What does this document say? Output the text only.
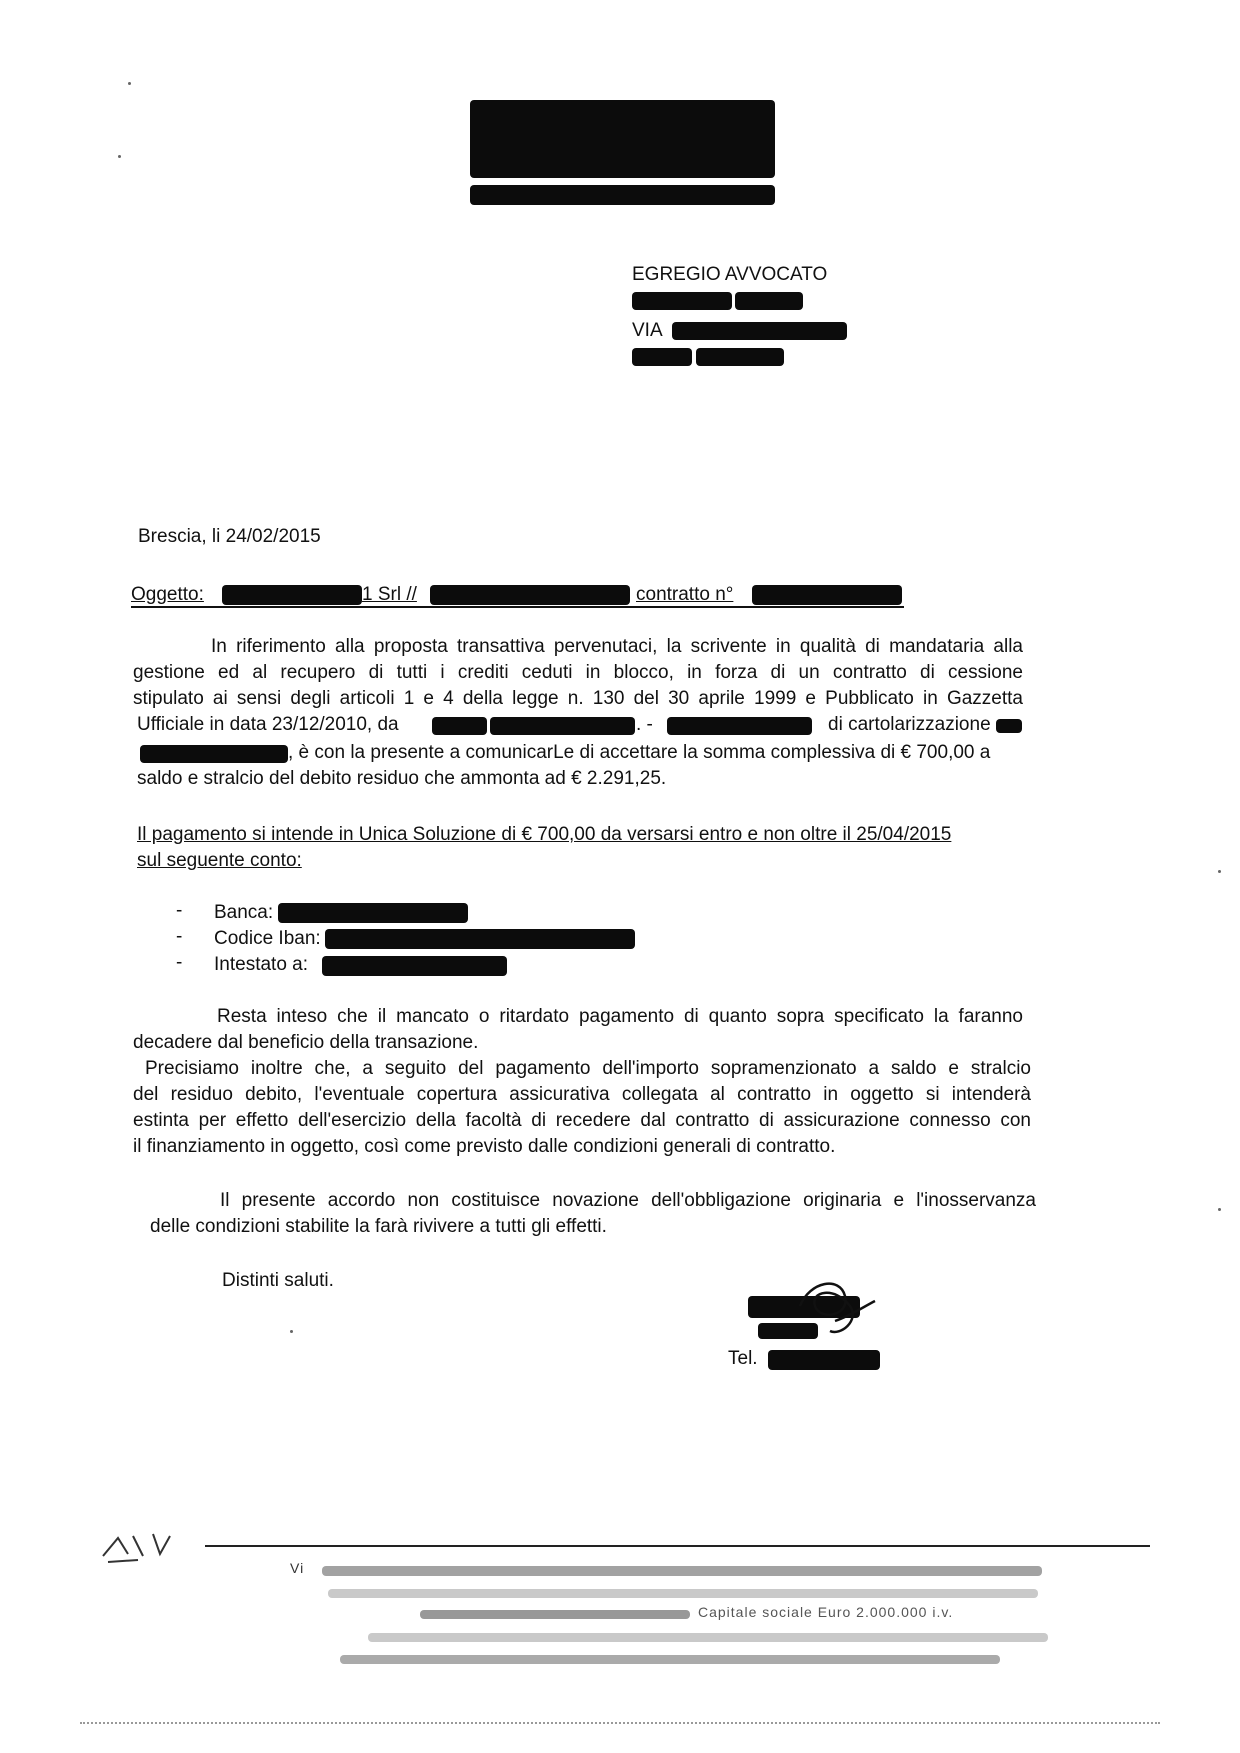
EGREGIO AVVOCATO
VIA
Brescia, li 24/02/2015
Oggetto:	1 Srl //	contratto n°
In riferimento alla proposta transattiva pervenutaci, la scrivente in qualità di mandataria alla
gestione ed al recupero di tutti i crediti ceduti in blocco, in forza di un contratto di cessione
stipulato ai sensi degli articoli 1 e 4 della legge n. 130 del 30 aprile 1999 e Pubblicato in Gazzetta
Ufficiale in data 23/12/2010, da	. -	di cartolarizzazione
, è con la presente a comunicarLe di accettare la somma complessiva di € 700,00 a
saldo e stralcio del debito residuo che ammonta ad € 2.291,25.
Il pagamento si intende in Unica Soluzione di € 700,00 da versarsi entro e non oltre il 25/04/2015
sul seguente conto:
- Banca:
- Codice Iban:
- Intestato a:
Resta inteso che il mancato o ritardato pagamento di quanto sopra specificato la faranno
decadere dal beneficio della transazione.
Precisiamo inoltre che, a seguito del pagamento dell'importo sopramenzionato a saldo e stralcio
del residuo debito, l'eventuale copertura assicurativa collegata al contratto in oggetto si intenderà
estinta per effetto dell'esercizio della facoltà di recedere dal contratto di assicurazione connesso con
il finanziamento in oggetto, così come previsto dalle condizioni generali di contratto.
Il presente accordo non costituisce novazione dell'obbligazione originaria e l'inosservanza
delle condizioni stabilite la farà rivivere a tutti gli effetti.
Distinti saluti.
Tel.
Vi
Capitale sociale Euro 2.000.000 i.v.
